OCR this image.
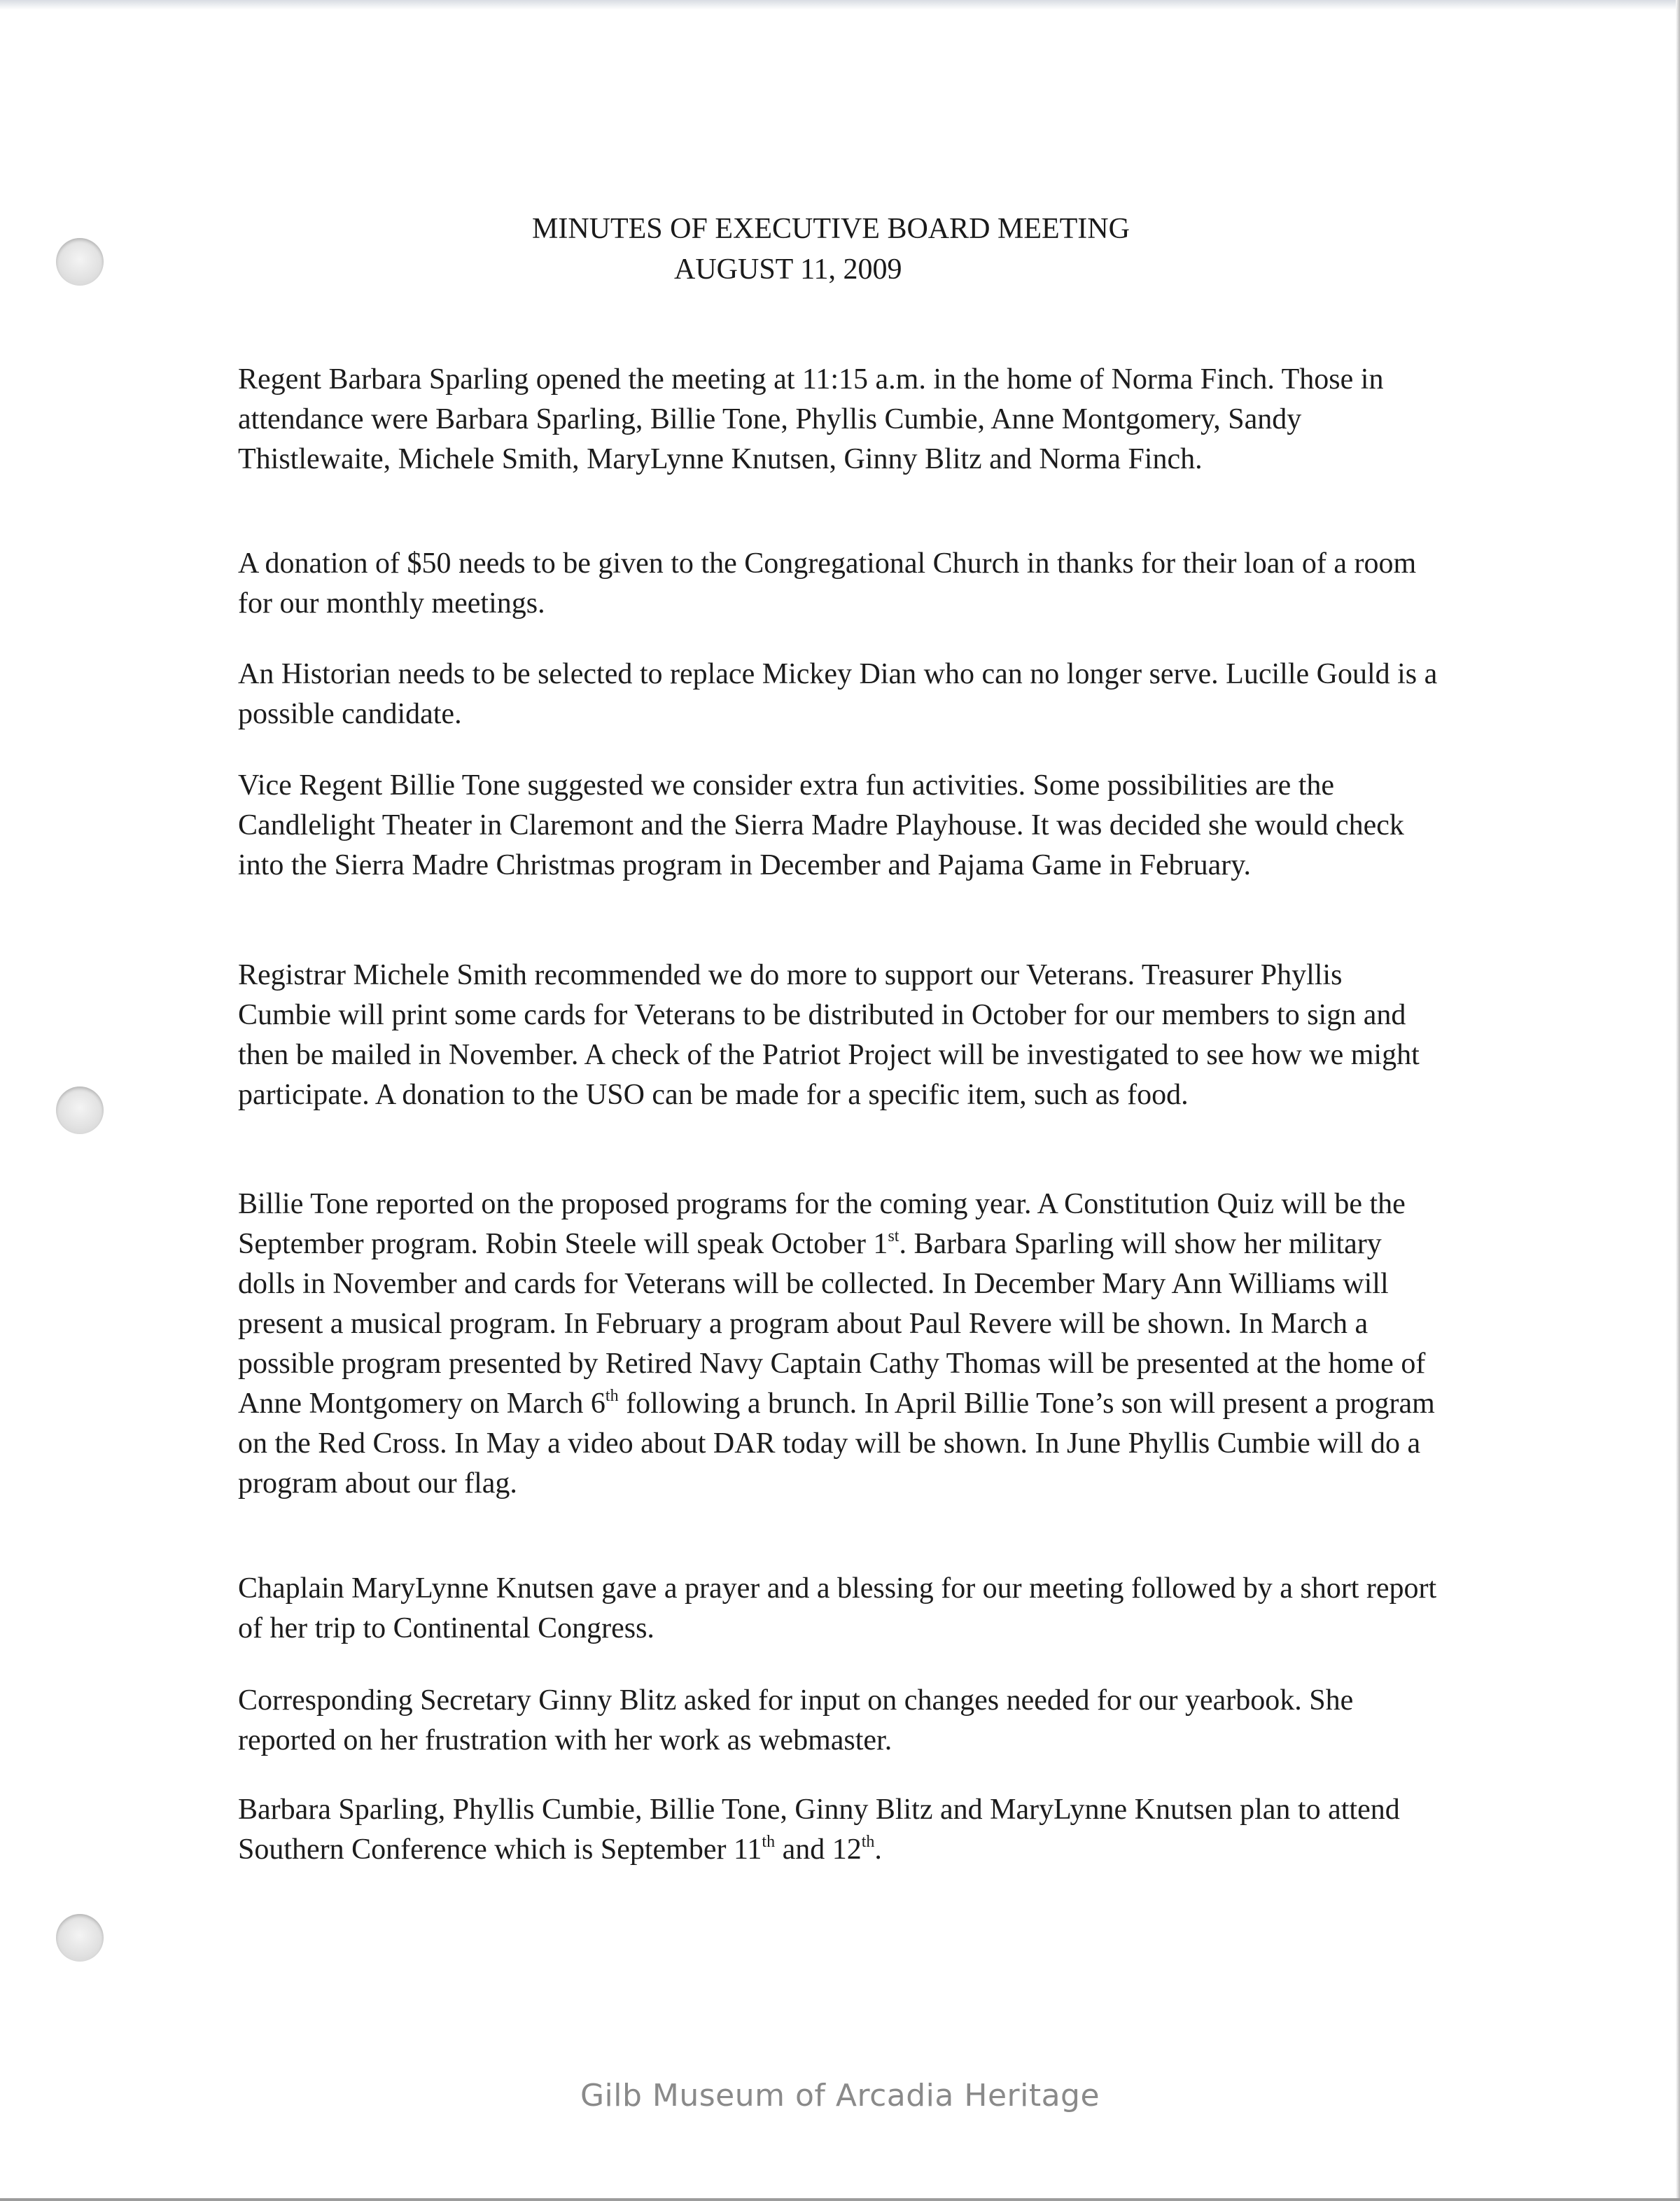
MINUTES OF EXECUTIVE BOARD MEETING
AUGUST 11, 2009

Regent Barbara Sparling opened the meeting at 11:15 a.m. in the home of Norma Finch. Those in attendance were Barbara Sparling, Billie Tone, Phyllis Cumbie, Anne Montgomery, Sandy Thistlewaite, Michele Smith, MaryLynne Knutsen, Ginny Blitz and Norma Finch.

A donation of $50 needs to be given to the Congregational Church in thanks for their loan of a room for our monthly meetings.

An Historian needs to be selected to replace Mickey Dian who can no longer serve. Lucille Gould is a possible candidate.

Vice Regent Billie Tone suggested we consider extra fun activities. Some possibilities are the Candlelight Theater in Claremont and the Sierra Madre Playhouse. It was decided she would check into the Sierra Madre Christmas program in December and Pajama Game in February.

Registrar Michele Smith recommended we do more to support our Veterans. Treasurer Phyllis Cumbie will print some cards for Veterans to be distributed in October for our members to sign and then be mailed in November. A check of the Patriot Project will be investigated to see how we might participate. A donation to the USO can be made for a specific item, such as food.

Billie Tone reported on the proposed programs for the coming year. A Constitution Quiz will be the September program. Robin Steele will speak October 1st. Barbara Sparling will show her military dolls in November and cards for Veterans will be collected. In December Mary Ann Williams will present a musical program. In February a program about Paul Revere will be shown. In March a possible program presented by Retired Navy Captain Cathy Thomas will be presented at the home of Anne Montgomery on March 6th following a brunch. In April Billie Tone’s son will present a program on the Red Cross. In May a video about DAR today will be shown. In June Phyllis Cumbie will do a program about our flag.

Chaplain MaryLynne Knutsen gave a prayer and a blessing for our meeting followed by a short report of her trip to Continental Congress.

Corresponding Secretary Ginny Blitz asked for input on changes needed for our yearbook. She reported on her frustration with her work as webmaster.

Barbara Sparling, Phyllis Cumbie, Billie Tone, Ginny Blitz and MaryLynne Knutsen plan to attend Southern Conference which is September 11th and 12th.

Gilb Museum of Arcadia Heritage
